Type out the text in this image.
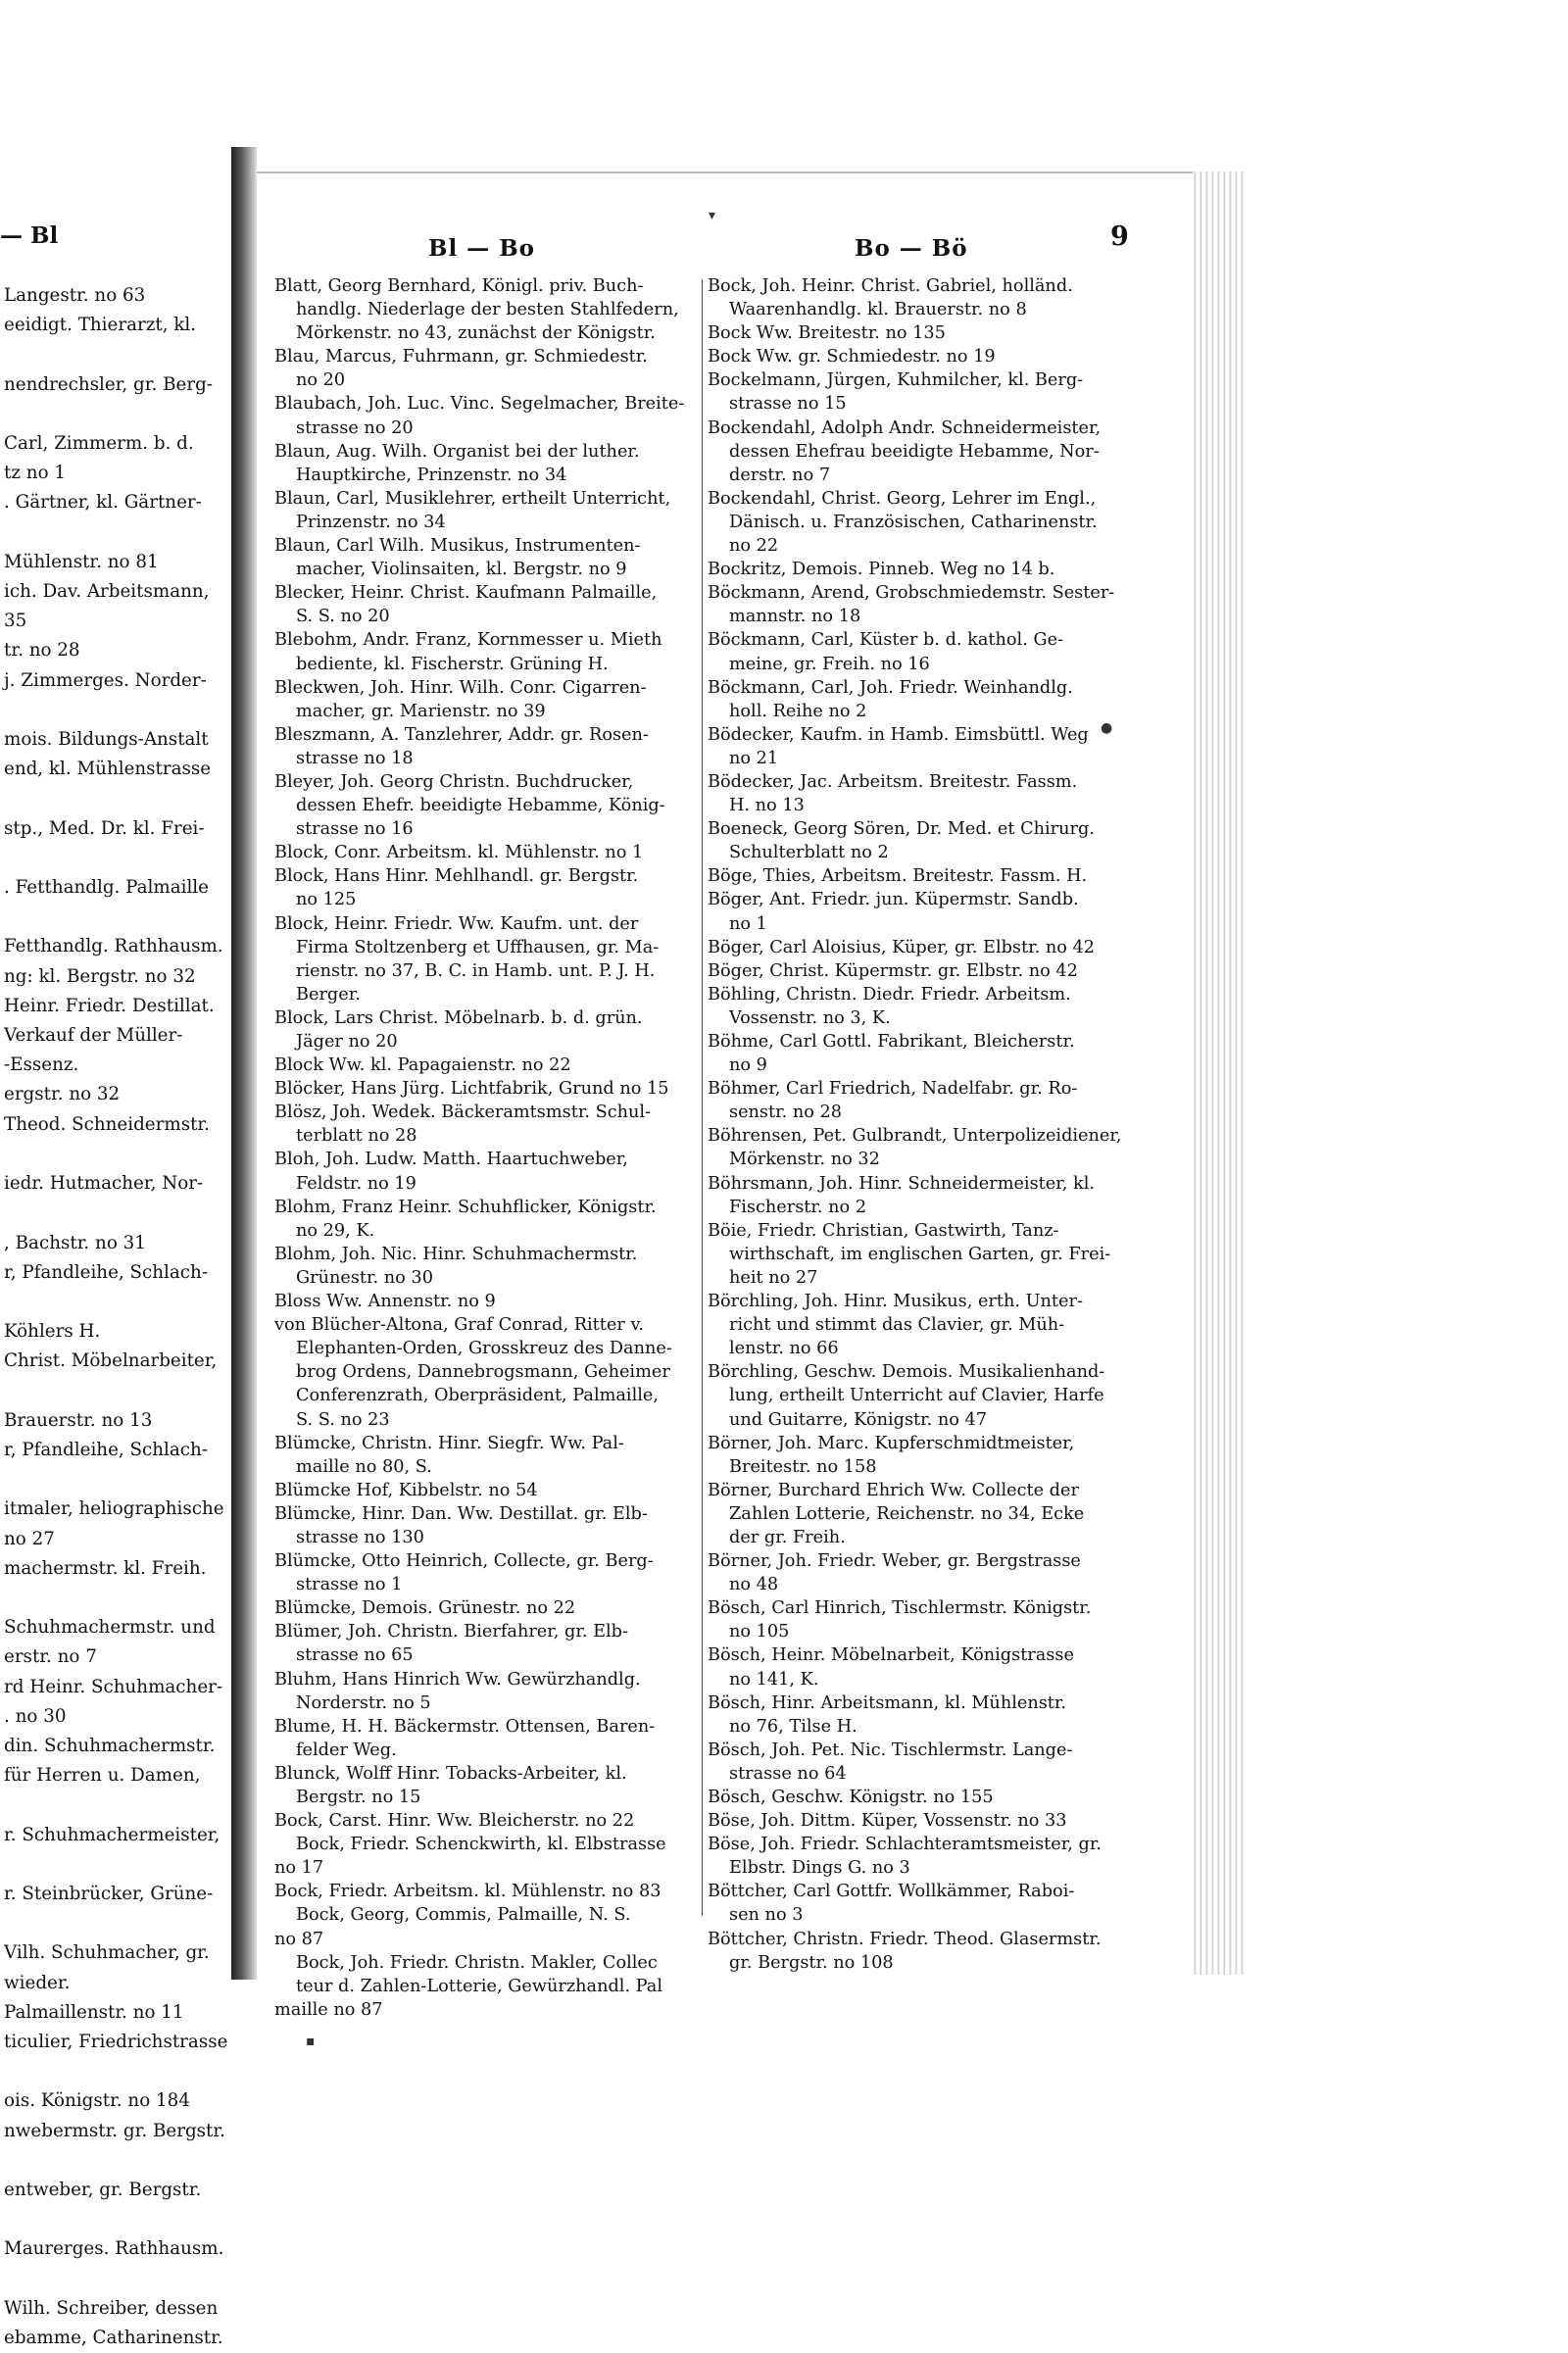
— Bl
Langestr. no 63
eeidigt. Thierarzt, kl.

nendrechsler, gr. Berg-

Carl, Zimmerm. b. d.
tz no 1
. Gärtner, kl. Gärtner-

Mühlenstr. no 81
ich. Dav. Arbeitsmann,
35
tr. no 28
j. Zimmerges. Norder-

mois. Bildungs-Anstalt
end, kl. Mühlenstrasse

stp., Med. Dr. kl. Frei-

. Fetthandlg. Palmaille

Fetthandlg. Rathhausm.
ng: kl. Bergstr. no 32
Heinr. Friedr. Destillat.
Verkauf der Müller-
-Essenz.
ergstr. no 32
Theod. Schneidermstr.

iedr. Hutmacher, Nor-

, Bachstr. no 31
r, Pfandleihe, Schlach-

Köhlers H.
Christ. Möbelnarbeiter,

Brauerstr. no 13
r, Pfandleihe, Schlach-

itmaler, heliographische
no 27
machermstr. kl. Freih.

Schuhmachermstr. und
erstr. no 7
rd Heinr. Schuhmacher-
. no 30
din. Schuhmachermstr.
für Herren u. Damen,

r. Schuhmachermeister,

r. Steinbrücker, Grüne-

Vilh. Schuhmacher, gr.
wieder.
Palmaillenstr. no 11
ticulier, Friedrichstrasse

ois. Königstr. no 184
nwebermstr. gr. Bergstr.

entweber, gr. Bergstr.

Maurerges. Rathhausm.

Wilh. Schreiber, dessen
ebamme, Catharinenstr.
Bl — Bo	Bo — Bö	9
Blatt, Georg Bernhard, Königl. priv. Buch-
handlg. Niederlage der besten Stahlfedern,
Mörkenstr. no 43, zunächst der Königstr.
Blau, Marcus, Fuhrmann, gr. Schmiedestr.
no 20
Blaubach, Joh. Luc. Vinc. Segelmacher, Breite-
strasse no 20
Blaun, Aug. Wilh. Organist bei der luther.
Hauptkirche, Prinzenstr. no 34
Blaun, Carl, Musiklehrer, ertheilt Unterricht,
Prinzenstr. no 34
Blaun, Carl Wilh. Musikus, Instrumenten-
macher, Violinsaiten, kl. Bergstr. no 9
Blecker, Heinr. Christ. Kaufmann Palmaille,
S. S. no 20
Blebohm, Andr. Franz, Kornmesser u. Mieth
bediente, kl. Fischerstr. Grüning H.
Bleckwen, Joh. Hinr. Wilh. Conr. Cigarren-
macher, gr. Marienstr. no 39
Bleszmann, A. Tanzlehrer, Addr. gr. Rosen-
strasse no 18
Bleyer, Joh. Georg Christn. Buchdrucker,
dessen Ehefr. beeidigte Hebamme, König-
strasse no 16
Block, Conr. Arbeitsm. kl. Mühlenstr. no 1
Block, Hans Hinr. Mehlhandl. gr. Bergstr.
no 125
Block, Heinr. Friedr. Ww. Kaufm. unt. der
Firma Stoltzenberg et Uffhausen, gr. Ma-
rienstr. no 37, B. C. in Hamb. unt. P. J. H.
Berger.
Block, Lars Christ. Möbelnarb. b. d. grün.
Jäger no 20
Block Ww. kl. Papagaienstr. no 22
Blöcker, Hans Jürg. Lichtfabrik, Grund no 15
Blösz, Joh. Wedek. Bäckeramtsmstr. Schul-
terblatt no 28
Bloh, Joh. Ludw. Matth. Haartuchweber,
Feldstr. no 19
Blohm, Franz Heinr. Schuhflicker, Königstr.
no 29, K.
Blohm, Joh. Nic. Hinr. Schuhmachermstr.
Grünestr. no 30
Bloss Ww. Annenstr. no 9
von Blücher-Altona, Graf Conrad, Ritter v.
Elephanten-Orden, Grosskreuz des Danne-
brog Ordens, Dannebrogsmann, Geheimer
Conferenzrath, Oberpräsident, Palmaille,
S. S. no 23
Blümcke, Christn. Hinr. Siegfr. Ww. Pal-
maille no 80, S.
Blümcke Hof, Kibbelstr. no 54
Blümcke, Hinr. Dan. Ww. Destillat. gr. Elb-
strasse no 130
Blümcke, Otto Heinrich, Collecte, gr. Berg-
strasse no 1
Blümcke, Demois. Grünestr. no 22
Blümer, Joh. Christn. Bierfahrer, gr. Elb-
strasse no 65
Bluhm, Hans Hinrich Ww. Gewürzhandlg.
Norderstr. no 5
Blume, H. H. Bäckermstr. Ottensen, Baren-
felder Weg.
Blunck, Wolff Hinr. Tobacks-Arbeiter, kl.
Bergstr. no 15
Bock, Carst. Hinr. Ww. Bleicherstr. no 22
Bock, Friedr. Schenckwirth, kl. Elbstrasse
no 17
Bock, Friedr. Arbeitsm. kl. Mühlenstr. no 83
Bock, Georg, Commis, Palmaille, N. S.
no 87
Bock, Joh. Friedr. Christn. Makler, Collec
teur d. Zahlen-Lotterie, Gewürzhandl. Pal
maille no 87
Bock, Joh. Heinr. Christ. Gabriel, holländ.
Waarenhandlg. kl. Brauerstr. no 8
Bock Ww. Breitestr. no 135
Bock Ww. gr. Schmiedestr. no 19
Bockelmann, Jürgen, Kuhmilcher, kl. Berg-
strasse no 15
Bockendahl, Adolph Andr. Schneidermeister,
dessen Ehefrau beeidigte Hebamme, Nor-
derstr. no 7
Bockendahl, Christ. Georg, Lehrer im Engl.,
Dänisch. u. Französischen, Catharinenstr.
no 22
Bockritz, Demois. Pinneb. Weg no 14 b.
Böckmann, Arend, Grobschmiedemstr. Sester-
mannstr. no 18
Böckmann, Carl, Küster b. d. kathol. Ge-
meine, gr. Freih. no 16
Böckmann, Carl, Joh. Friedr. Weinhandlg.
holl. Reihe no 2
Bödecker, Kaufm. in Hamb. Eimsbüttl. Weg
no 21
Bödecker, Jac. Arbeitsm. Breitestr. Fassm.
H. no 13
Boeneck, Georg Sören, Dr. Med. et Chirurg.
Schulterblatt no 2
Böge, Thies, Arbeitsm. Breitestr. Fassm. H.
Böger, Ant. Friedr. jun. Küpermstr. Sandb.
no 1
Böger, Carl Aloisius, Küper, gr. Elbstr. no 42
Böger, Christ. Küpermstr. gr. Elbstr. no 42
Böhling, Christn. Diedr. Friedr. Arbeitsm.
Vossenstr. no 3, K.
Böhme, Carl Gottl. Fabrikant, Bleicherstr.
no 9
Böhmer, Carl Friedrich, Nadelfabr. gr. Ro-
senstr. no 28
Böhrensen, Pet. Gulbrandt, Unterpolizeidiener,
Mörkenstr. no 32
Böhrsmann, Joh. Hinr. Schneidermeister, kl.
Fischerstr. no 2
Böie, Friedr. Christian, Gastwirth, Tanz-
wirthschaft, im englischen Garten, gr. Frei-
heit no 27
Börchling, Joh. Hinr. Musikus, erth. Unter-
richt und stimmt das Clavier, gr. Müh-
lenstr. no 66
Börchling, Geschw. Demois. Musikalienhand-
lung, ertheilt Unterricht auf Clavier, Harfe
und Guitarre, Königstr. no 47
Börner, Joh. Marc. Kupferschmidtmeister,
Breitestr. no 158
Börner, Burchard Ehrich Ww. Collecte der
Zahlen Lotterie, Reichenstr. no 34, Ecke
der gr. Freih.
Börner, Joh. Friedr. Weber, gr. Bergstrasse
no 48
Bösch, Carl Hinrich, Tischlermstr. Königstr.
no 105
Bösch, Heinr. Möbelnarbeit, Königstrasse
no 141, K.
Bösch, Hinr. Arbeitsmann, kl. Mühlenstr.
no 76, Tilse H.
Bösch, Joh. Pet. Nic. Tischlermstr. Lange-
strasse no 64
Bösch, Geschw. Königstr. no 155
Böse, Joh. Dittm. Küper, Vossenstr. no 33
Böse, Joh. Friedr. Schlachteramtsmeister, gr.
Elbstr. Dings G. no 3
Böttcher, Carl Gottfr. Wollkämmer, Raboi-
sen no 3
Böttcher, Christn. Friedr. Theod. Glasermstr.
gr. Bergstr. no 108
▾
●
▪
